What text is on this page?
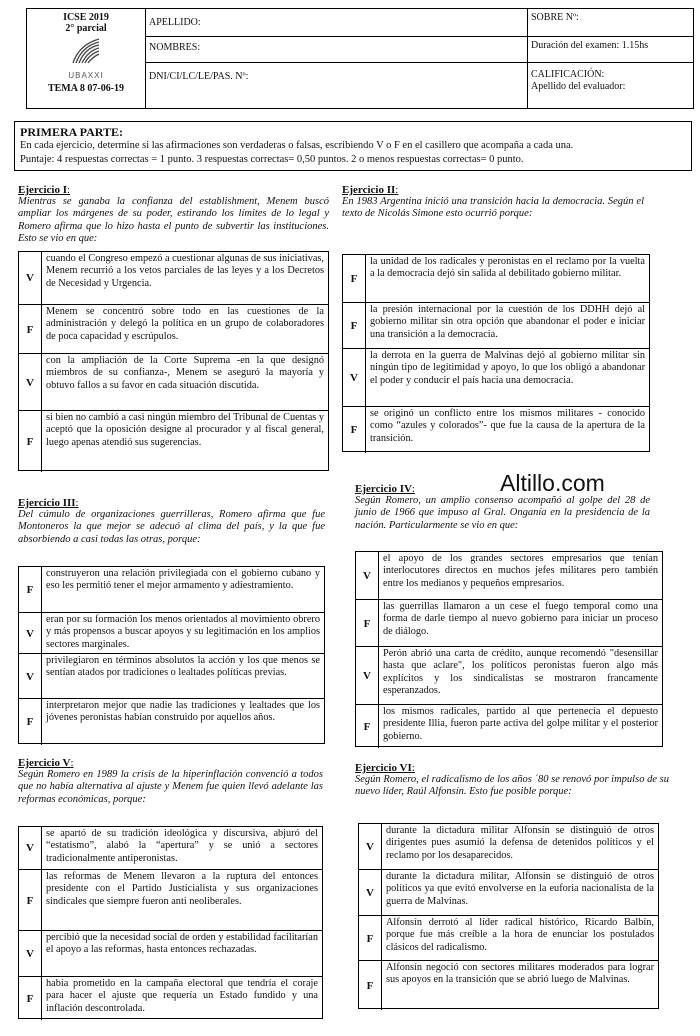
ICSE 2019
2° parcial
UBAXXI
TEMA 8 07-06-19
APELLIDO:
NOMBRES:
DNI/CI/LC/LE/PAS. Nº:
SOBRE Nº:
Duración del examen: 1.15hs
CALIFICACIÓN:
Apellido del evaluador:
PRIMERA PARTE:
En cada ejercicio, determine si las afirmaciones son verdaderas o falsas, escribiendo V o F en el casillero que acompaña a cada una.
Puntaje: 4 respuestas correctas = 1 punto. 3 respuestas correctas= 0,50 puntos. 2 o menos respuestas correctas= 0 punto.
Ejercicio I:
Mientras se ganaba la confianza del establishment, Menem buscó ampliar los márgenes de su poder, estirando los límites de lo legal y Romero afirma que lo hizo hasta el punto de subvertir las instituciones. Esto se vio en que:
V
cuando el Congreso empezó a cuestionar algunas de sus iniciativas, Menem recurrió a los vetos parciales de las leyes y a los Decretos de Necesidad y Urgencia.
F
Menem se concentró sobre todo en las cuestiones de la administración y delegó la política en un grupo de colaboradores de poca capacidad y escrúpulos.
V
con la ampliación de la Corte Suprema -en la que designó miembros de su confianza-, Menem se aseguró la mayoría y obtuvo fallos a su favor en cada situación discutida.
F
si bien no cambió a casi ningún miembro del Tribunal de Cuentas y aceptó que la oposición designe al procurador y al fiscal general, luego apenas atendió sus sugerencias.
Ejercicio II:
En 1983 Argentina inició una transición hacia la democracia. Según el texto de Nicolás Simone esto ocurrió porque:
F
la unidad de los radicales y peronistas en el reclamo por la vuelta a la democracia dejó sin salida al debilitado gobierno militar.
F
la presión internacional por la cuestión de los DDHH dejó al gobierno militar sin otra opción que abandonar el poder e iniciar una transición a la democracia.
V
la derrota en la guerra de Malvinas dejó al gobierno militar sin ningún tipo de legitimidad y apoyo, lo que los obligó a abandonar el poder y conducir el país hacia una democracia.
F
se originó un conflicto entre los mismos militares - conocido como “azules y colorados”- que fue la causa de la apertura de la transición.
Altillo.com
Ejercicio III:
Del cúmulo de organizaciones guerrilleras, Romero afirma que fue Montoneros la que mejor se adecuó al clima del país, y la que fue absorbiendo a casi todas las otras, porque:
F
construyeron una relación privilegiada con el gobierno cubano y eso les permitió tener el mejor armamento y adiestramiento.
V
eran por su formación los menos orientados al movimiento obrero y más propensos a buscar apoyos y su legitimación en los amplios sectores marginales.
V
privilegiaron en términos absolutos la acción y los que menos se sentían atados por tradiciones o lealtades políticas previas.
F
interpretaron mejor que nadie las tradiciones y lealtades que los jóvenes peronistas habían construido por aquellos años.
Ejercicio IV:
Según Romero, un amplio consenso acompañó al golpe del 28 de junio de 1966 que impuso al Gral. Onganía en la presidencia de la nación. Particularmente se vio en que:
V
el apoyo de los grandes sectores empresarios que tenían interlocutores directos en muchos jefes militares pero también entre los medianos y pequeños empresarios.
F
las guerrillas llamaron a un cese el fuego temporal como una forma de darle tiempo al nuevo gobierno para iniciar un proceso de diálogo.
V
Perón abrió una carta de crédito, aunque recomendó "desensillar hasta que aclare", los políticos peronistas fueron algo más explícitos y los sindicalistas se mostraron francamente esperanzados.
F
los mismos radicales, partido al que pertenecía el depuesto presidente Illia, fueron parte activa del golpe militar y el posterior gobierno.
Ejercicio V:
Según Romero en 1989 la crisis de la hiperinflación convenció a todos que no había alternativa al ajuste y Menem fue quien llevó adelante las reformas económicas, porque:
V
se apartó de su tradición ideológica y discursiva, abjuró del “estatismo”, alabó la “apertura” y se unió a sectores tradicionalmente antiperonistas.
F
las reformas de Menem llevaron a la ruptura del entonces presidente con el Partido Justicialista y sus organizaciones sindicales que siempre fueron anti neoliberales.
V
percibió que la necesidad social de orden y estabilidad facilitarían el apoyo a las reformas, hasta entonces rechazadas.
F
había prometido en la campaña electoral que tendría el coraje para hacer el ajuste que requería un Estado fundido y una inflación descontrolada.
Ejercicio VI:
Según Romero, el radicalismo de los años ´80 se renovó por impulso de su nuevo líder, Raúl Alfonsín. Esto fue posible porque:
V
durante la dictadura militar Alfonsín se distinguió de otros dirigentes pues asumió la defensa de detenidos políticos y el reclamo por los desaparecidos.
V
durante la dictadura militar, Alfonsín se distinguió de otros políticos ya que evitó envolverse en la euforia nacionalista de la guerra de Malvinas.
F
Alfonsín derrotó al líder radical histórico, Ricardo Balbín, porque fue más creíble a la hora de enunciar los postulados clásicos del radicalismo.
F
Alfonsín negoció con sectores militares moderados para lograr sus apoyos en la transición que se abrió luego de Malvinas.
